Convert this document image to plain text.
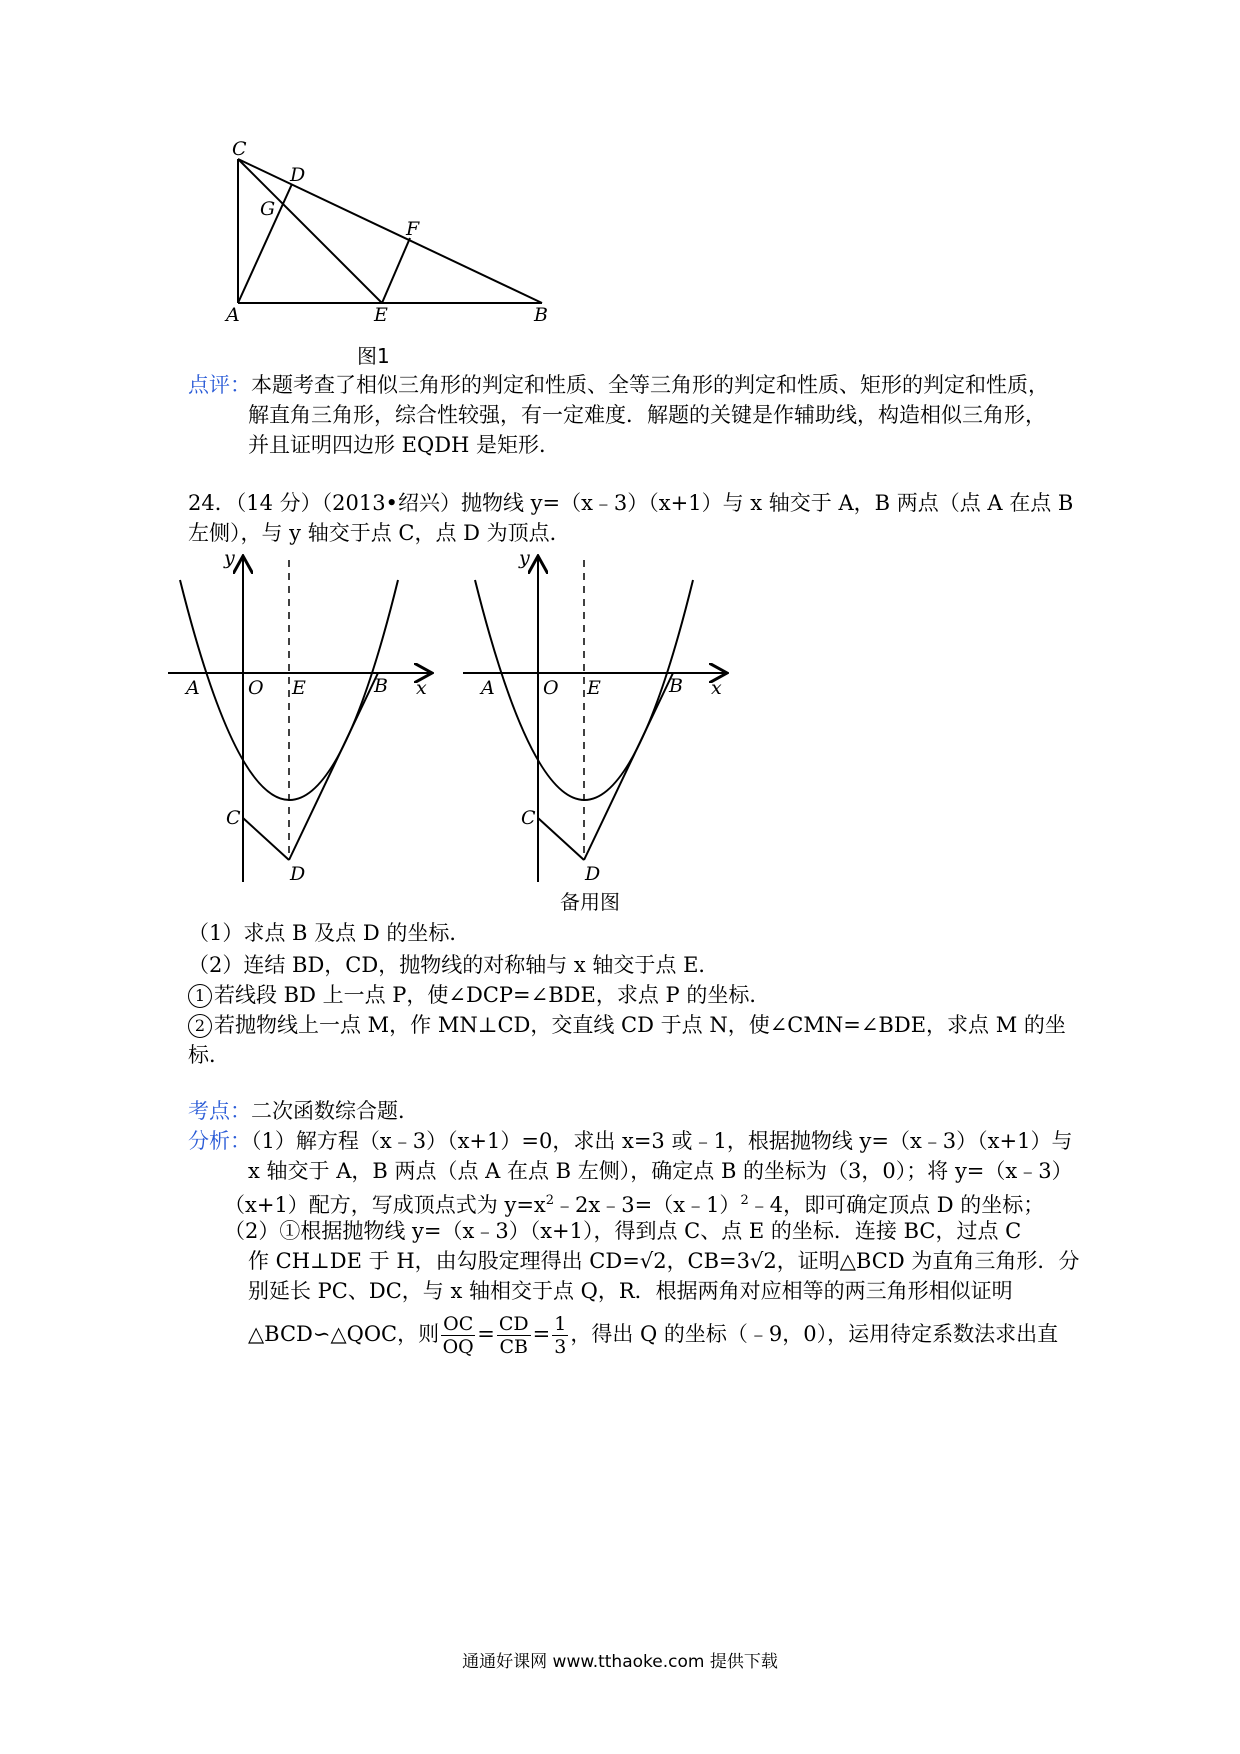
C
D
G
F
A	E	B
图1
点评：本题考查了相似三角形的判定和性质、全等三角形的判定和性质、矩形的判定和性质，
解直角三角形，综合性较强，有一定难度．解题的关键是作辅助线，构造相似三角形，
并且证明四边形 EQDH 是矩形．
24．（14 分）（2013•绍兴）抛物线 y=（x﹣3）（x+1）与 x 轴交于 A，B 两点（点 A 在点 B
左侧），与 y 轴交于点 C，点 D 为顶点．
y
x
A	O E	B
C
D
y
x
A	O E	B
C
D
备用图
（1）求点 B 及点 D 的坐标．
（2）连结 BD，CD，抛物线的对称轴与 x 轴交于点 E．
1 若线段 BD 上一点 P，使∠DCP=∠BDE，求点 P 的坐标．
2 若抛物线上一点 M，作 MN⊥CD，交直线 CD 于点 N，使∠CMN=∠BDE，求点 M 的坐
标．
考点：二次函数综合题．
分析：（1）解方程（x﹣3）（x+1）=0，求出 x=3 或﹣1，根据抛物线 y=（x﹣3）（x+1）与
x 轴交于 A，B 两点（点 A 在点 B 左侧），确定点 B 的坐标为（3，0）；将 y=（x﹣3）
（x+1）配方，写成顶点式为 $y=x^2﹣2x﹣3=(x﹣1)^2﹣4$，即可确定顶点 D 的坐标；
（2）①根据抛物线 y=（x﹣3）（x+1），得到点 C、点 E 的坐标．连接 BC，过点 C
作 CH⊥DE 于 H，由勾股定理得出 CD=√2，CB=3√2，证明△BCD 为直角三角形．分
别延长 PC、DC，与 x 轴相交于点 Q，R．根据两角对应相等的两三角形相似证明
△BCD∽△QOC，则 $\frac{OC}{OQ} = \frac{CD}{CB} = \frac{1}{3}$ ，得出 Q 的坐标（﹣9，0），运用待定系数法求出直
通通好课网 www.tthaoke.com 提供下载
